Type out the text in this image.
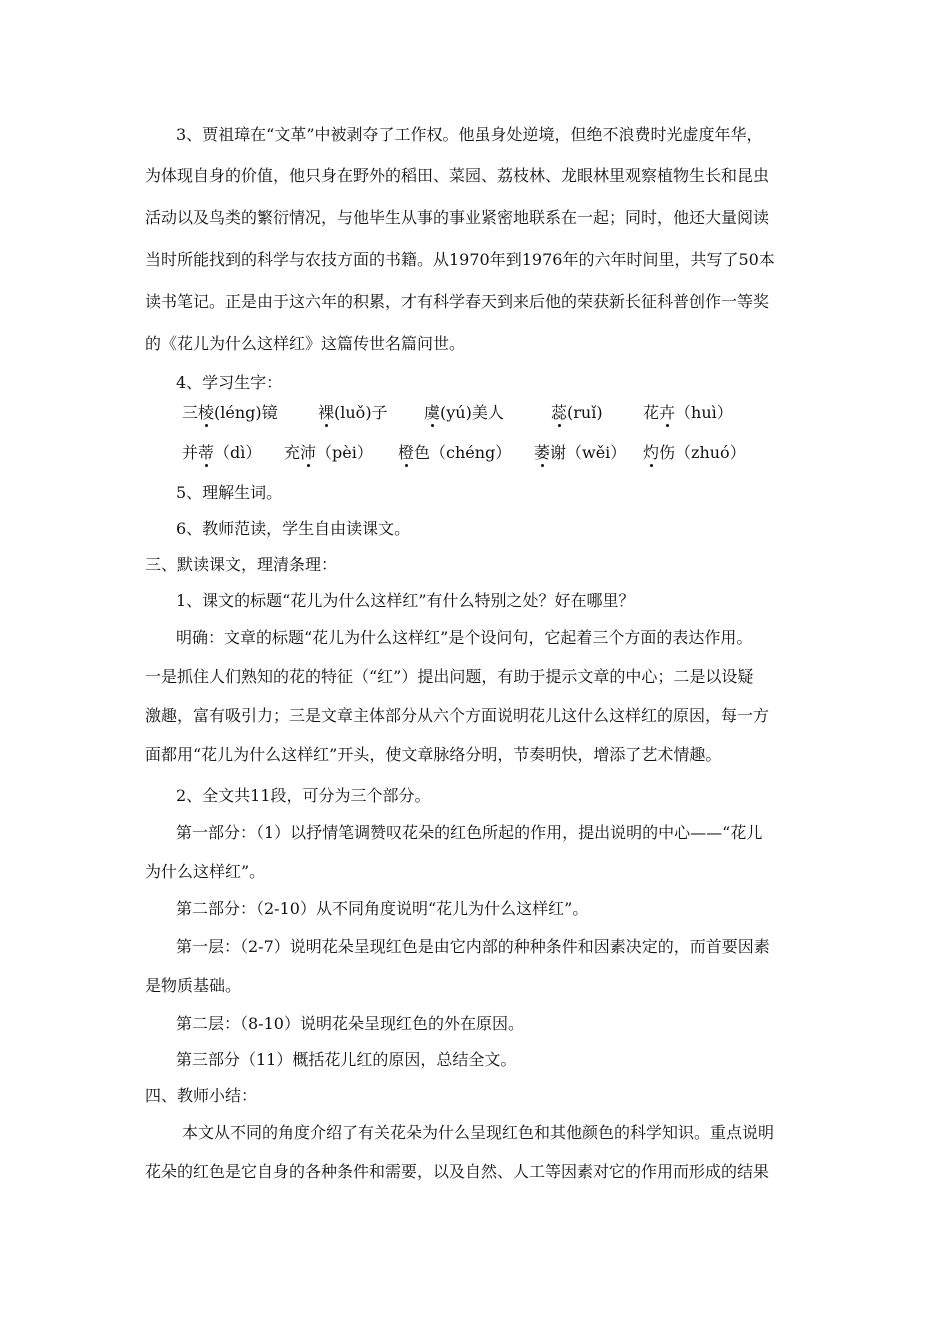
3、贾祖璋在“文革”中被剥夺了工作权。他虽身处逆境，但绝不浪费时光虚度年华，
为体现自身的价值，他只身在野外的稻田、菜园、荔枝林、龙眼林里观察植物生长和昆虫
活动以及鸟类的繁衍情况，与他毕生从事的事业紧密地联系在一起；同时，他还大量阅读
当时所能找到的科学与农技方面的书籍。从1970年到1976年的六年时间里，共写了50本
读书笔记。正是由于这六年的积累，才有科学春天到来后他的荣获新长征科普创作一等奖
的《花儿为什么这样红》这篇传世名篇问世。
4、学习生字：
三棱(léng)镜	裸(luǒ)子 虞(yú)美人	蕊(ruǐ)	花卉（huì）
并蒂（dì） 充沛（pèi） 橙色（chéng） 萎谢（wěi） 灼伤（zhuó）
5、理解生词。
6、教师范读，学生自由读课文。
三、默读课文，理清条理：
1、课文的标题“花儿为什么这样红”有什么特别之处？好在哪里？
明确：文章的标题“花儿为什么这样红”是个设问句，它起着三个方面的表达作用。
一是抓住人们熟知的花的特征（“红”）提出问题，有助于提示文章的中心；二是以设疑
激趣，富有吸引力；三是文章主体部分从六个方面说明花儿这什么这样红的原因，每一方
面都用“花儿为什么这样红”开头，使文章脉络分明，节奏明快，增添了艺术情趣。
2、全文共11段，可分为三个部分。
第一部分：（1）以抒情笔调赞叹花朵的红色所起的作用，提出说明的中心——“花儿
为什么这样红”。
第二部分：（2-10）从不同角度说明“花儿为什么这样红”。
第一层：（2-7）说明花朵呈现红色是由它内部的种种条件和因素决定的，而首要因素
是物质基础。
第二层：（8-10）说明花朵呈现红色的外在原因。
第三部分（11）概括花儿红的原因，总结全文。
四、教师小结：
本文从不同的角度介绍了有关花朵为什么呈现红色和其他颜色的科学知识。重点说明
花朵的红色是它自身的各种条件和需要，以及自然、人工等因素对它的作用而形成的结果
